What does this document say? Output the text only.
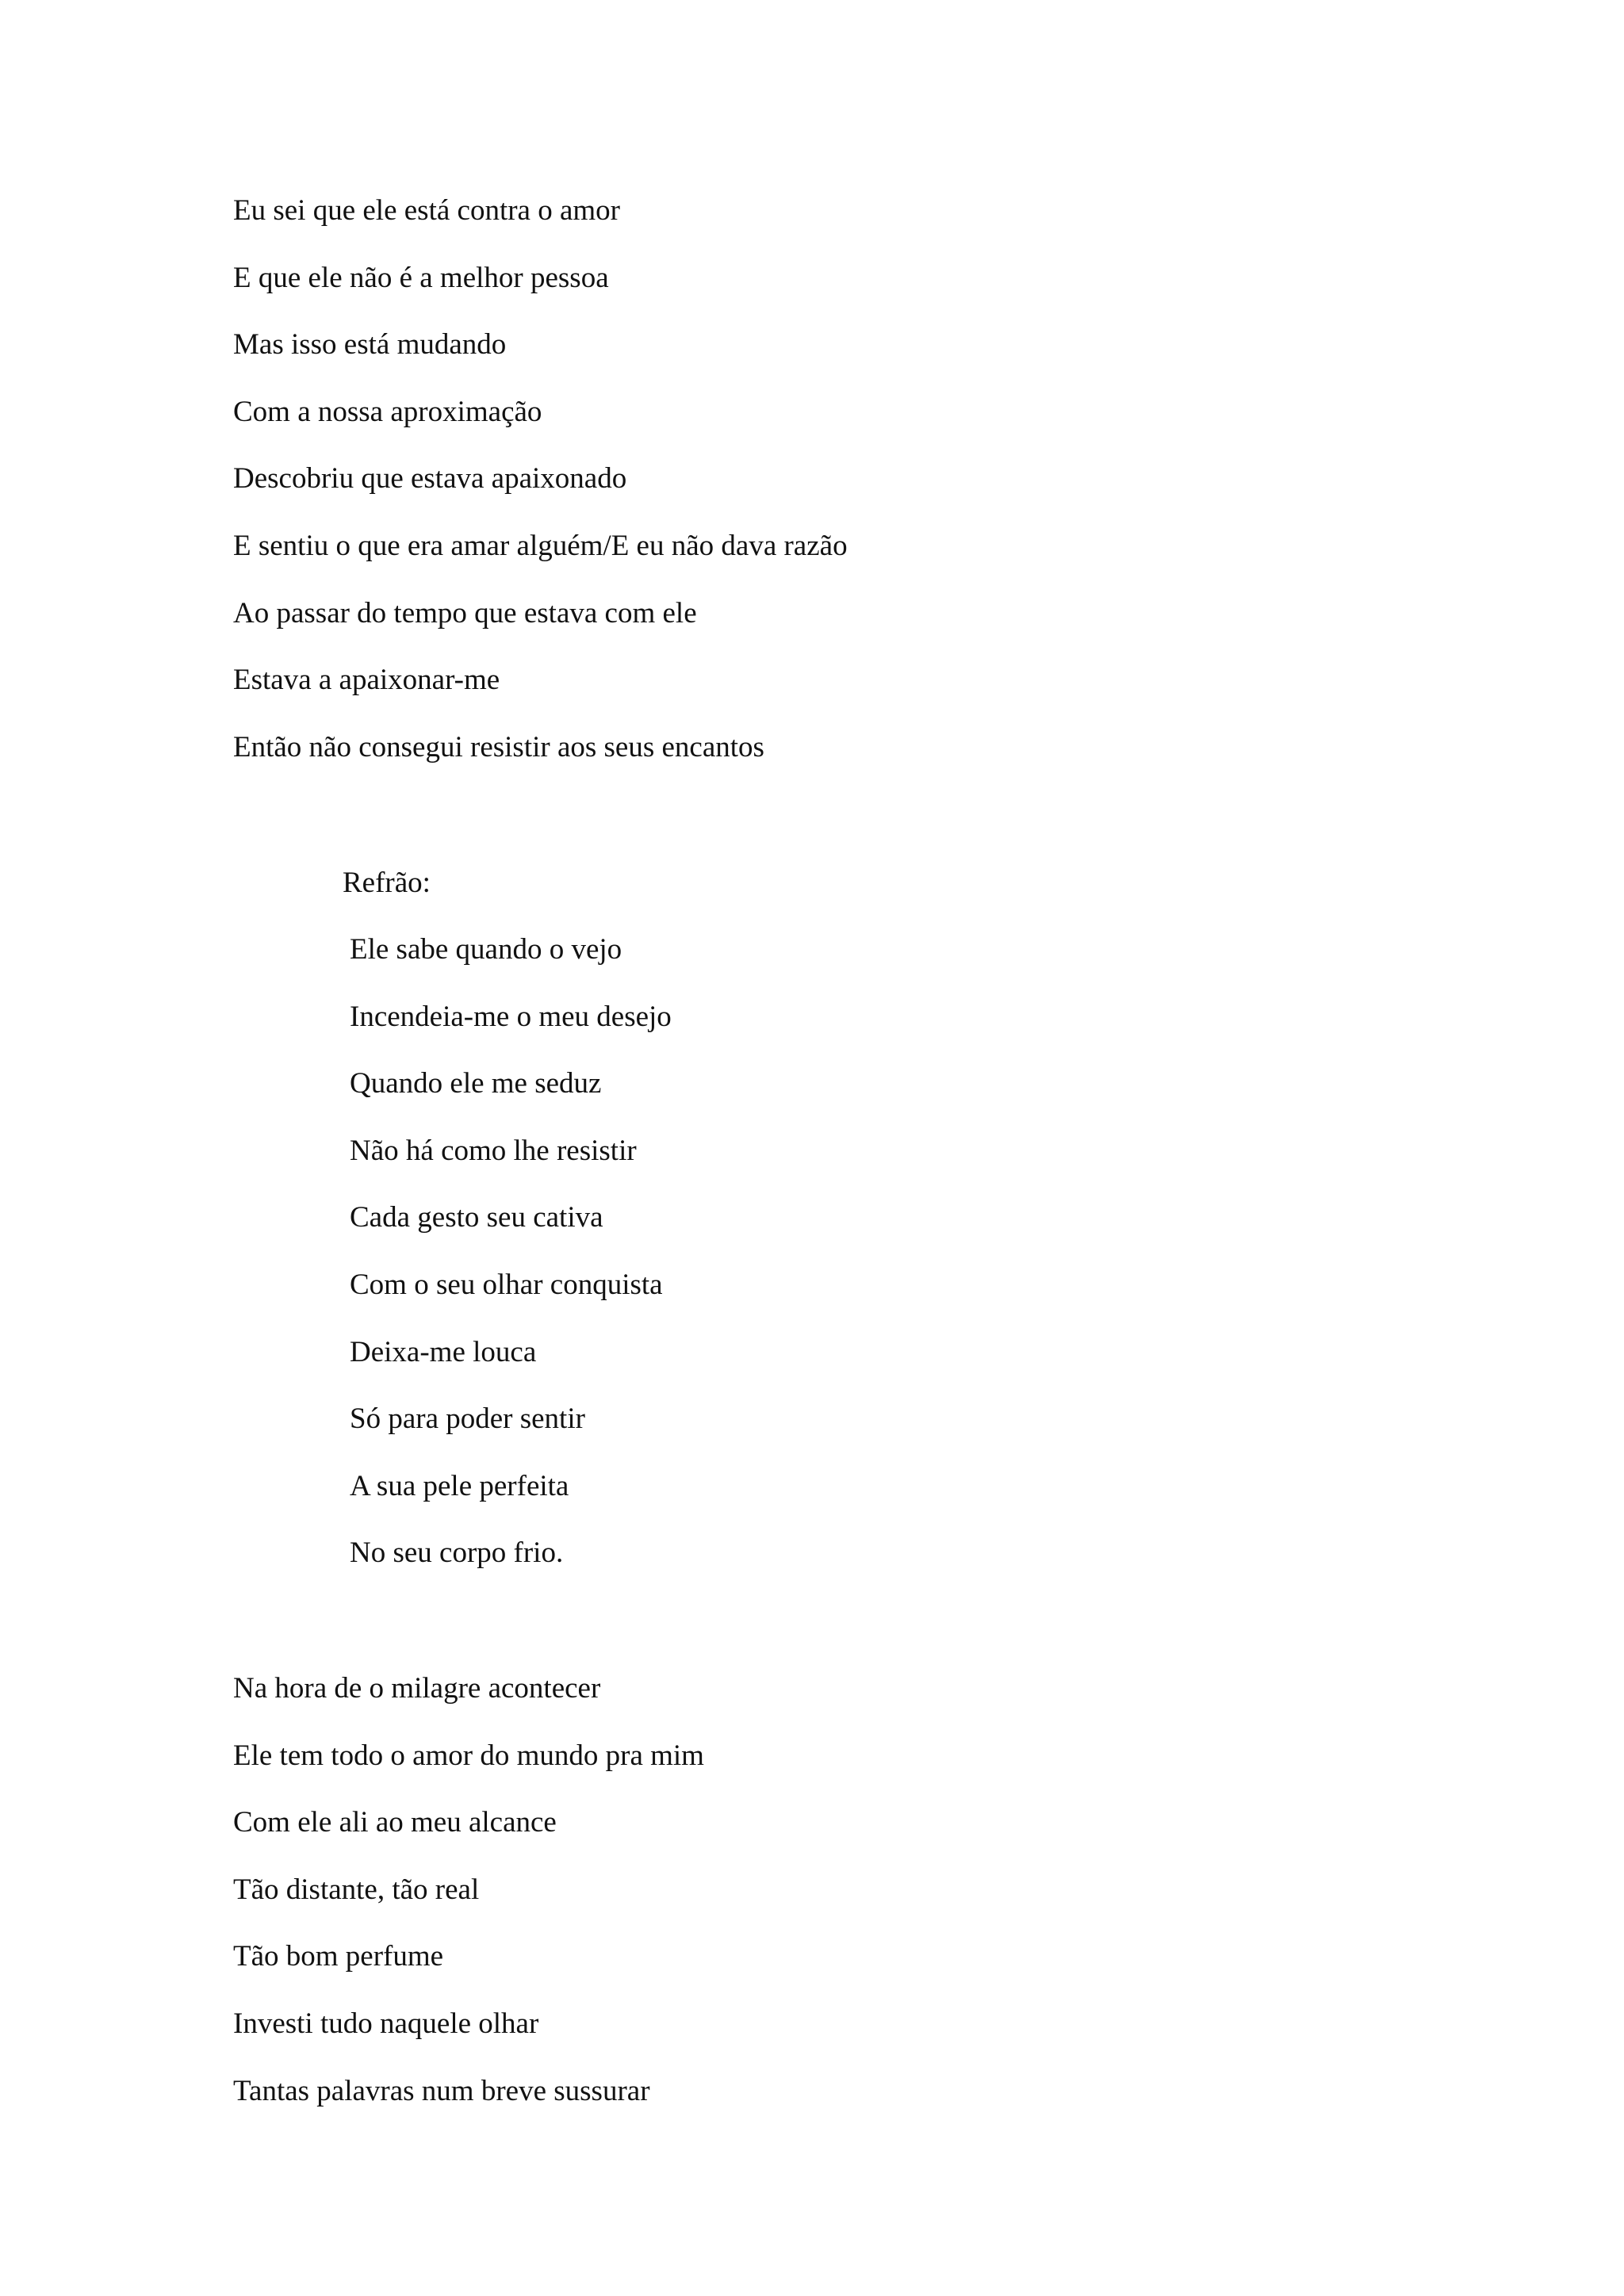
Eu sei que ele está contra o amor
E que ele não é a melhor pessoa
Mas isso está mudando
Com a nossa aproximação
Descobriu que estava apaixonado
E sentiu o que era amar alguém/E eu não dava razão
Ao passar do tempo que estava com ele
Estava a apaixonar-me
Então não consegui resistir aos seus encantos
Refrão:
Ele sabe quando o vejo
Incendeia-me o meu desejo
Quando ele me seduz
Não há como lhe resistir
Cada gesto seu cativa
Com o seu olhar conquista
Deixa-me louca
Só para poder sentir
A sua pele perfeita
No seu corpo frio.
Na hora de o milagre acontecer
Ele tem todo o amor do mundo pra mim
Com ele ali ao meu alcance
Tão distante, tão real
Tão bom perfume
Investi tudo naquele olhar
Tantas palavras num breve sussurar
